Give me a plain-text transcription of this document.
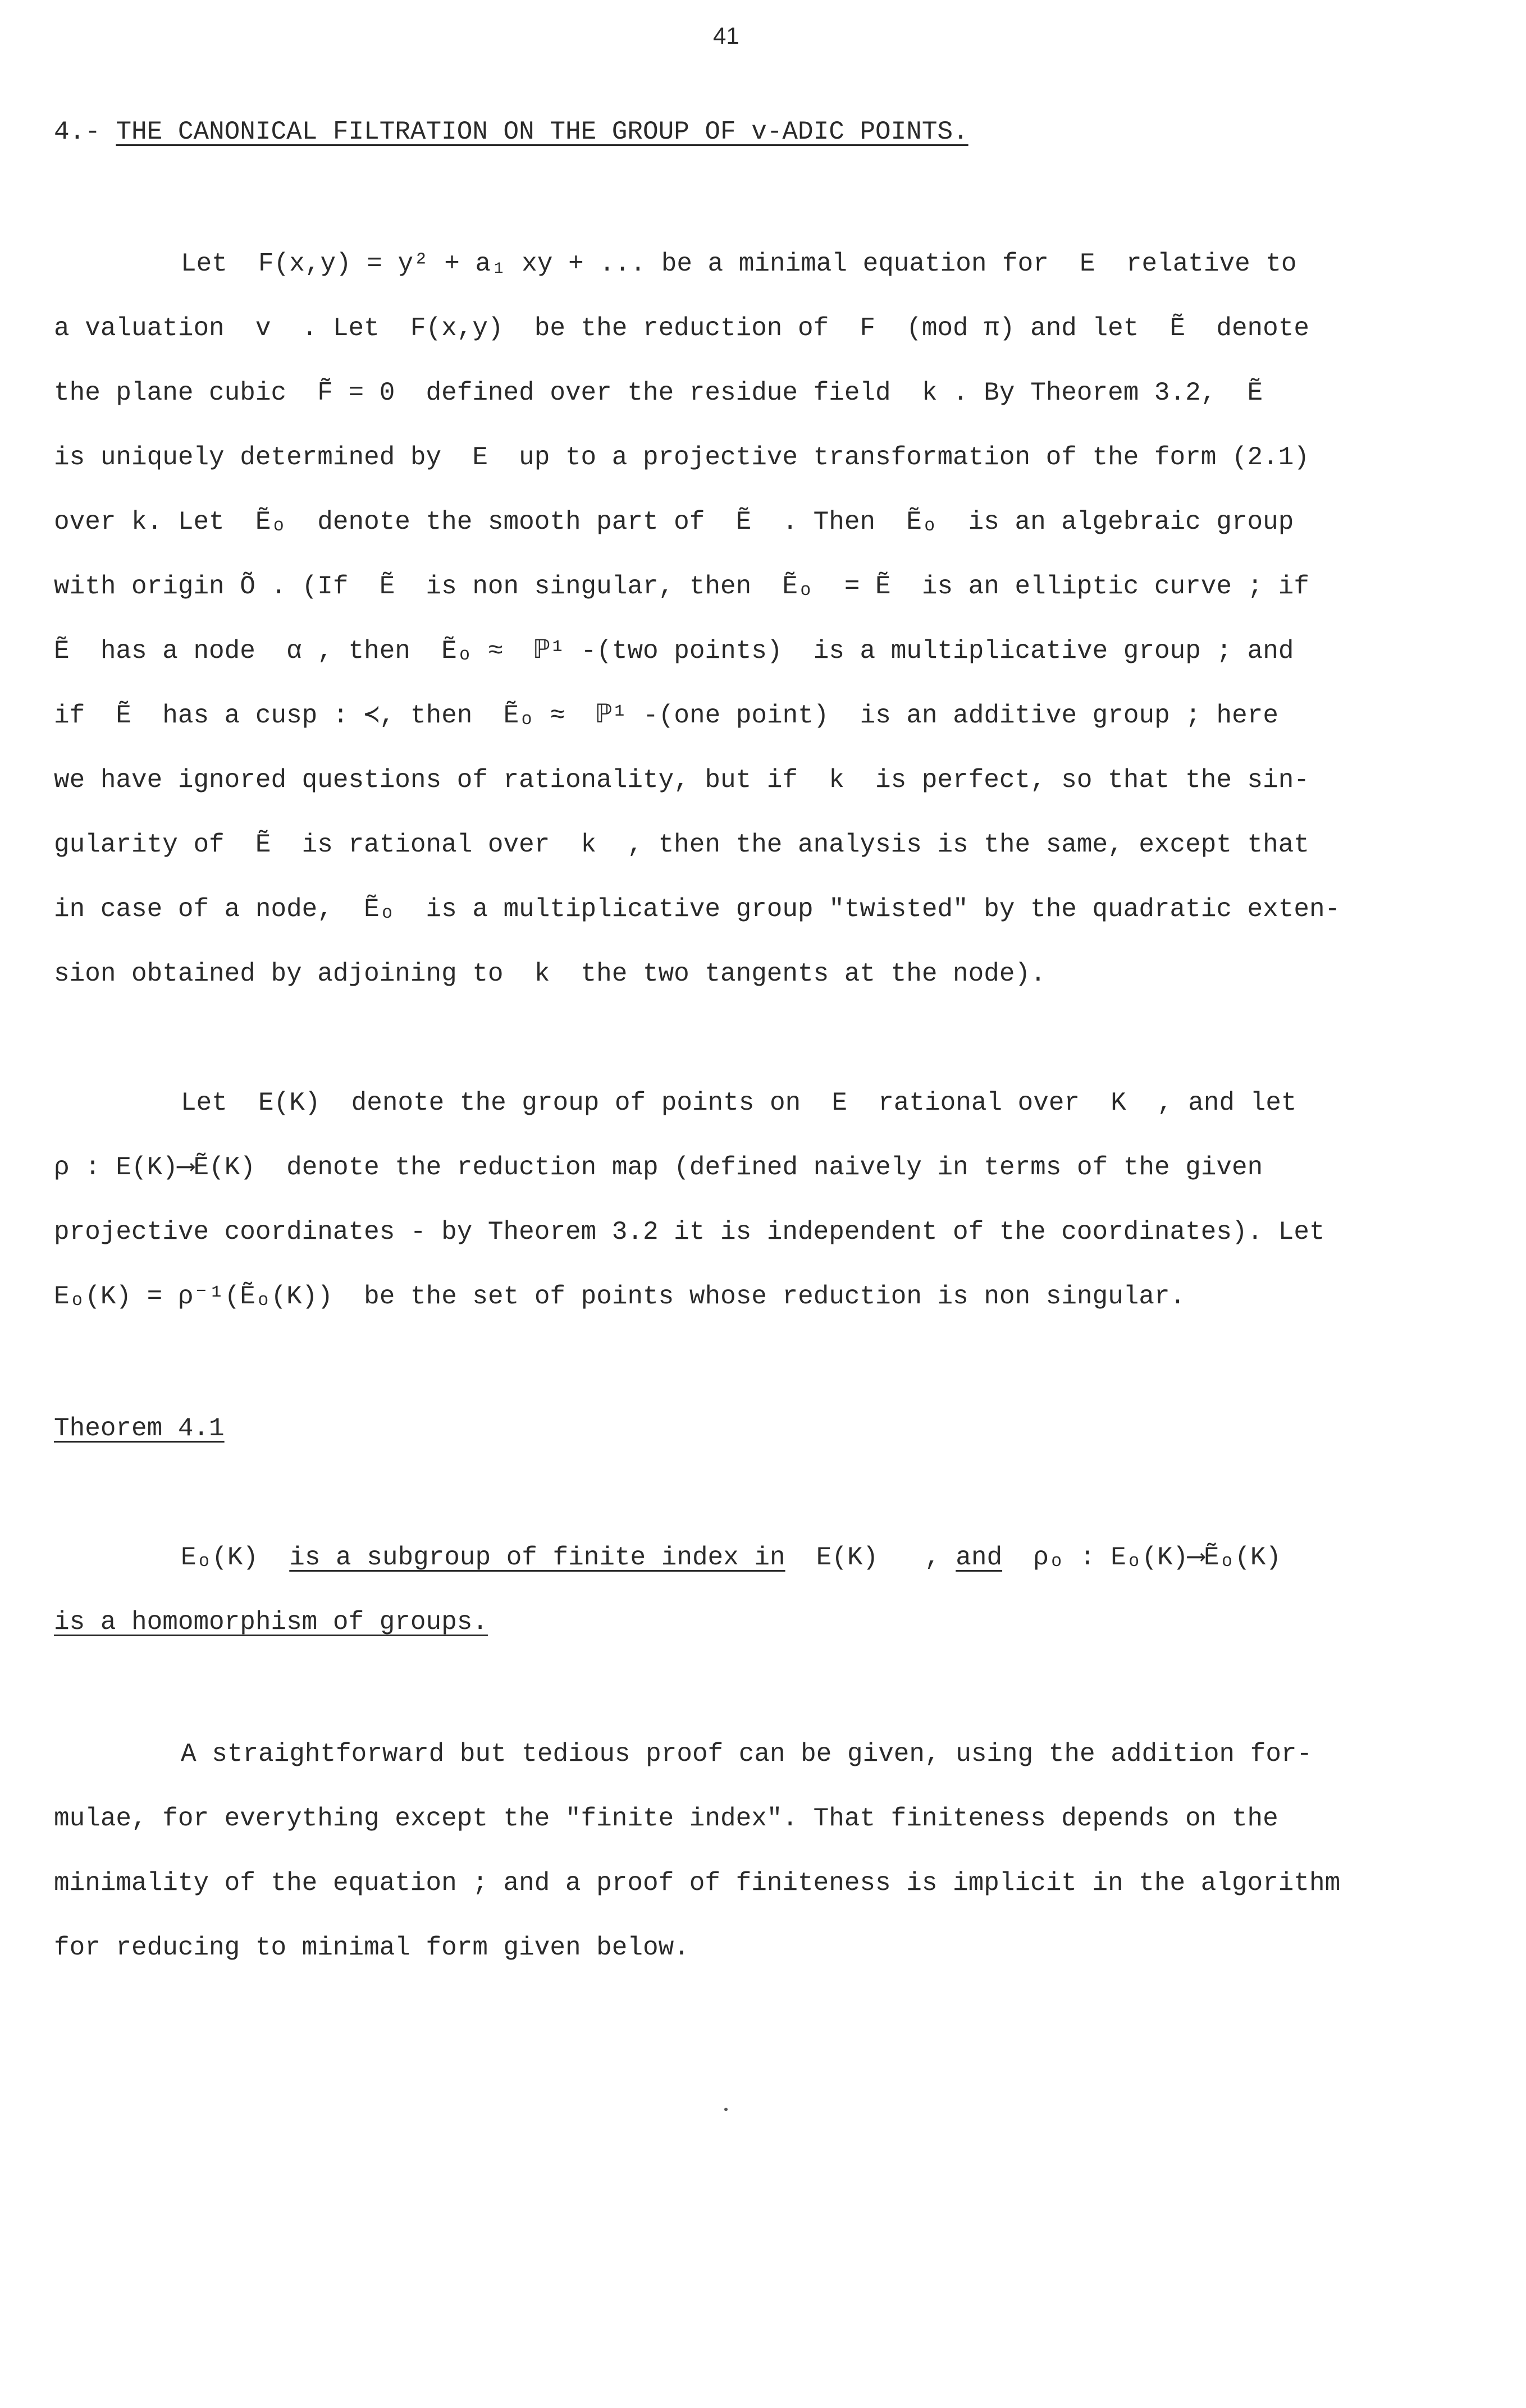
41
4.- THE CANONICAL FILTRATION ON THE GROUP OF v-ADIC POINTS.
Let  F(x,y) = y² + a₁ xy + ... be a minimal equation for  E  relative to
a valuation  v  . Let  F(x,y)  be the reduction of  F  (mod π) and let  Ẽ  denote
the plane cubic  F̃ = 0  defined over the residue field  k . By Theorem 3.2,  Ẽ
is uniquely determined by  E  up to a projective transformation of the form (2.1)
over k. Let  Ẽₒ  denote the smooth part of  Ẽ  . Then  Ẽₒ  is an algebraic group
with origin Õ . (If  Ẽ  is non singular, then  Ẽₒ  = Ẽ  is an elliptic curve ; if
Ẽ  has a node  α , then  Ẽₒ ≈  ℙ¹ -(two points)  is a multiplicative group ; and
if  Ẽ  has a cusp : ≺, then  Ẽₒ ≈  ℙ¹ -(one point)  is an additive group ; here
we have ignored questions of rationality, but if  k  is perfect, so that the sin-
gularity of  Ẽ  is rational over  k  , then the analysis is the same, except that
in case of a node,  Ẽₒ  is a multiplicative group "twisted" by the quadratic exten-
sion obtained by adjoining to  k  the two tangents at the node).
Let  E(K)  denote the group of points on  E  rational over  K  , and let
ρ : E(K)⟶Ẽ(K)  denote the reduction map (defined naively in terms of the given
projective coordinates - by Theorem 3.2 it is independent of the coordinates). Let
Eₒ(K) = ρ⁻¹(Ẽₒ(K))  be the set of points whose reduction is non singular.
Theorem 4.1
Eₒ(K)  is a subgroup of finite index in  E(K)   , and  ρₒ : Eₒ(K)⟶Ẽₒ(K)
is a homomorphism of groups.
A straightforward but tedious proof can be given, using the addition for-
mulae, for everything except the "finite index". That finiteness depends on the
minimality of the equation ; and a proof of finiteness is implicit in the algorithm
for reducing to minimal form given below.
